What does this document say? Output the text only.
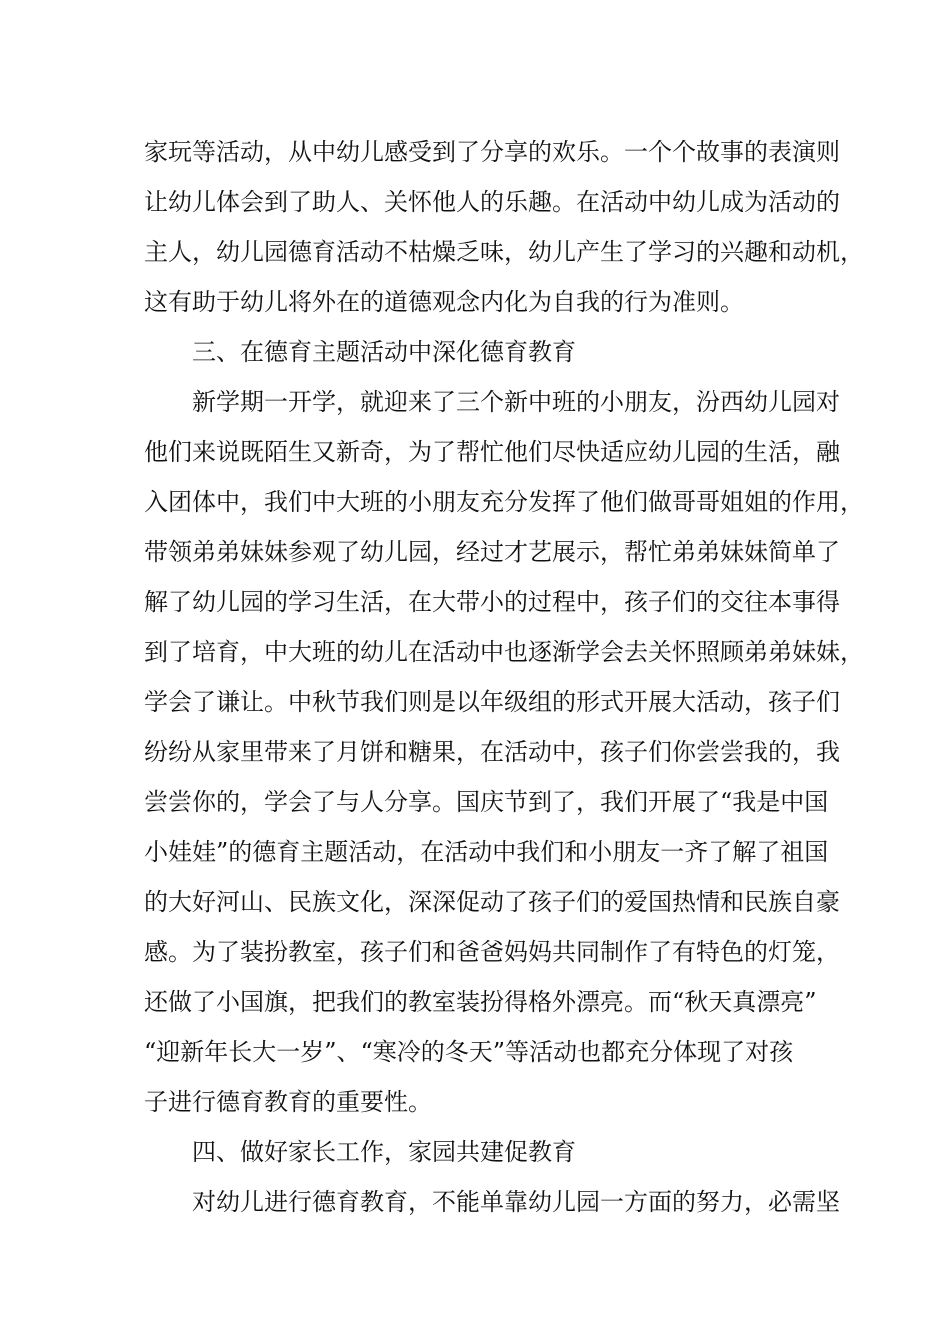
家玩等活动，从中幼儿感受到了分享的欢乐。一个个故事的表演则
让幼儿体会到了助人、关怀他人的乐趣。在活动中幼儿成为活动的
主人，幼儿园德育活动不枯燥乏味，幼儿产生了学习的兴趣和动机，
这有助于幼儿将外在的道德观念内化为自我的行为准则。
三、在德育主题活动中深化德育教育
新学期一开学，就迎来了三个新中班的小朋友，汾西幼儿园对
他们来说既陌生又新奇，为了帮忙他们尽快适应幼儿园的生活，融
入团体中，我们中大班的小朋友充分发挥了他们做哥哥姐姐的作用，
带领弟弟妹妹参观了幼儿园，经过才艺展示，帮忙弟弟妹妹简单了
解了幼儿园的学习生活，在大带小的过程中，孩子们的交往本事得
到了培育，中大班的幼儿在活动中也逐渐学会去关怀照顾弟弟妹妹，
学会了谦让。中秋节我们则是以年级组的形式开展大活动，孩子们
纷纷从家里带来了月饼和糖果，在活动中，孩子们你尝尝我的，我
尝尝你的，学会了与人分享。国庆节到了，我们开展了“我是中国
小娃娃”的德育主题活动，在活动中我们和小朋友一齐了解了祖国
的大好河山、民族文化，深深促动了孩子们的爱国热情和民族自豪
感。为了装扮教室，孩子们和爸爸妈妈共同制作了有特色的灯笼，
还做了小国旗，把我们的教室装扮得格外漂亮。而“秋天真漂亮”
“迎新年长大一岁”、“寒冷的冬天”等活动也都充分体现了对孩
子进行德育教育的重要性。
四、做好家长工作，家园共建促教育
对幼儿进行德育教育，不能单靠幼儿园一方面的努力，必需坚
